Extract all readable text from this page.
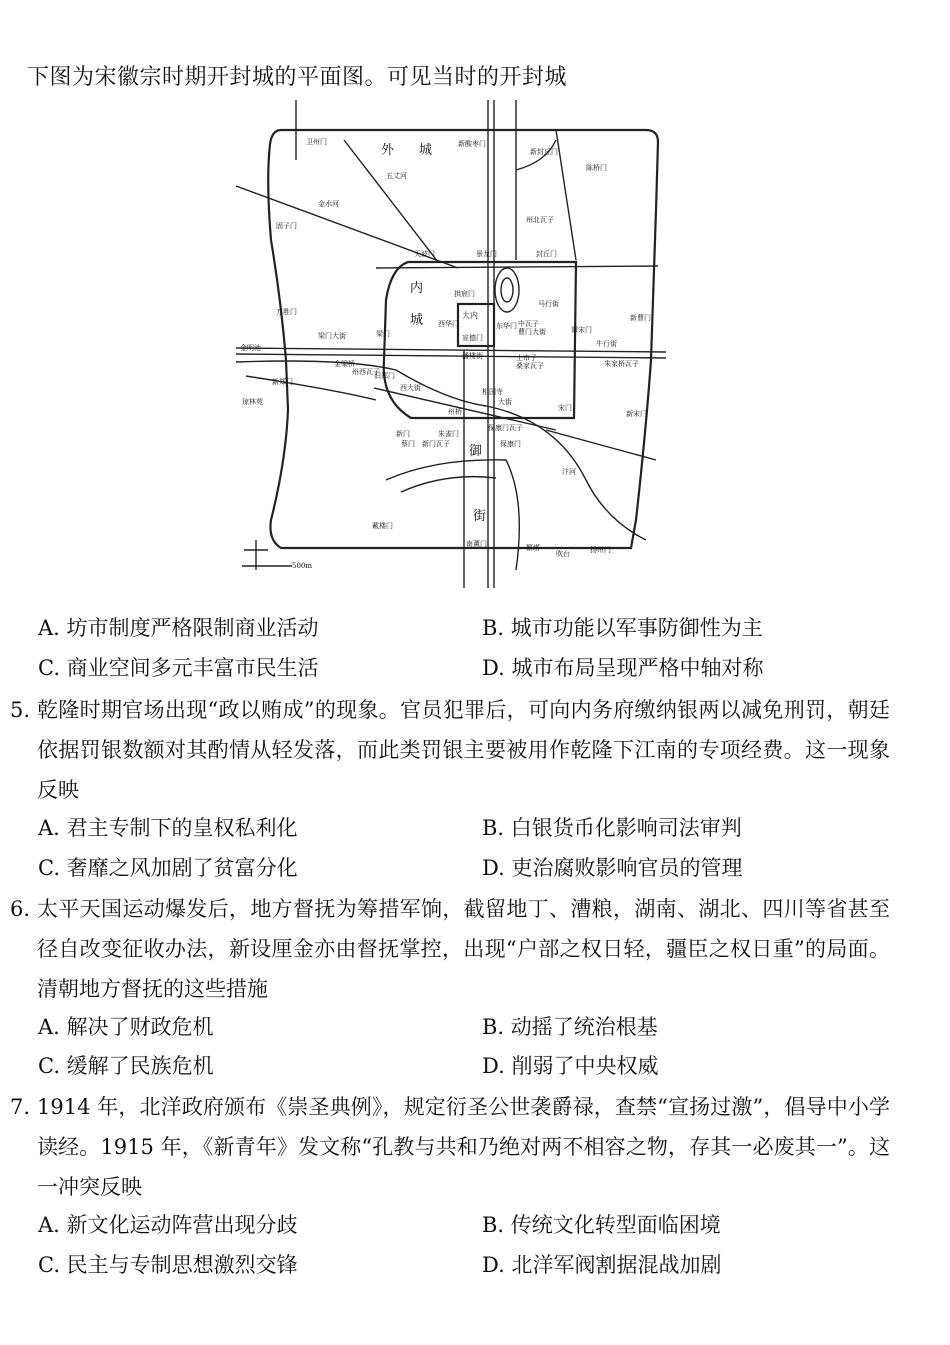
下图为宋徽宗时期开封城的平面图。可见当时的开封城
外 城
内
城
御
街
大内
卫州门	新酸枣门
新封丘门
陈桥门
五丈河
金水河
固子门
万胜门
州北瓦子
天波门	景龙门	封丘门
拱宸门
西华门
宣德门
东华门
马行街
梁门大街	梁门	旧宋门
曹门大街
中瓦子
新曹门
牛行街
金明池
琼林苑
金梁桥
州西瓦子
新郑门
旧郑门
潘楼街
西大街
土市子
桑家瓦子
相国寺
州桥
大街
宋门
朱家桥瓦子
新宋门
新门
保康门
保康门瓦子
朱雀门
新门瓦子
汴河
戴楼门
南薰门	繁塔
吹台	扬州门
蔡门
500m
A. 坊市制度严格限制商业活动	B. 城市功能以军事防御性为主
C. 商业空间多元丰富市民生活	D. 城市布局呈现严格中轴对称
5. 乾隆时期官场出现“政以贿成”的现象。官员犯罪后，可向内务府缴纳银两以减免刑罚，朝廷依据罚银数额对其酌情从轻发落，而此类罚银主要被用作乾隆下江南的专项经费。这一现象反映
A. 君主专制下的皇权私利化	B. 白银货币化影响司法审判
C. 奢靡之风加剧了贫富分化	D. 吏治腐败影响官员的管理
6. 太平天国运动爆发后，地方督抚为筹措军饷，截留地丁、漕粮，湖南、湖北、四川等省甚至径自改变征收办法，新设厘金亦由督抚掌控，出现“户部之权日轻，疆臣之权日重”的局面。清朝地方督抚的这些措施
A. 解决了财政危机	B. 动摇了统治根基
C. 缓解了民族危机	D. 削弱了中央权威
7. 1914 年，北洋政府颁布《崇圣典例》，规定衍圣公世袭爵禄，查禁“宣扬过激”，倡导中小学读经。1915 年，《新青年》发文称“孔教与共和乃绝对两不相容之物，存其一必废其一”。这一冲突反映
A. 新文化运动阵营出现分歧	B. 传统文化转型面临困境
C. 民主与专制思想激烈交锋	D. 北洋军阀割据混战加剧
